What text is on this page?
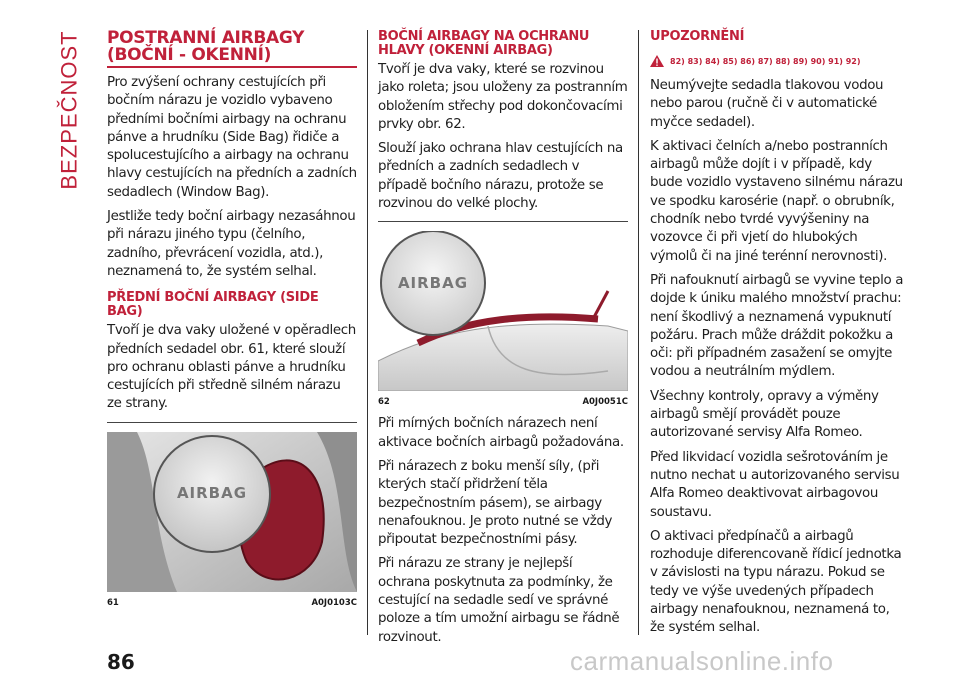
BEZPEČNOST POSTRANNÍ AIRBAGY (BOČNÍ - OKENNÍ)

Pro zvýšení ochrany cestujících při bočním nárazu je vozidlo vybaveno předními bočními airbagy na ochranu pánve a hrudníku (Side Bag) řidiče a spolucestujícího a airbagy na ochranu hlavy cestujících na předních a zadních sedadlech (Window Bag).

Jestliže tedy boční airbagy nezasáhnou při nárazu jiného typu (čelního, zadního, převrácení vozidla, atd.), neznamená to, že systém selhal.

PŘEDNÍ BOČNÍ AIRBAGY (SIDE BAG)

Tvoří je dva vaky uložené v opěradlech předních sedadel obr. 61, které slouží pro ochranu oblasti pánve a hrudníku cestujících při středně silném nárazu ze strany.

AIRBAG
61	A0J0103C
BOČNÍ AIRBAGY NA OCHRANU HLAVY (OKENNÍ AIRBAG)

Tvoří je dva vaky, které se rozvinou jako roleta; jsou uloženy za postranním obložením střechy pod dokončovacími prvky obr. 62.

Slouží jako ochrana hlav cestujících na předních a zadních sedadlech v případě bočního nárazu, protože se rozvinou do velké plochy.

AIRBAG
62	A0J0051C

Při mírných bočních nárazech není aktivace bočních airbagů požadována.

Při nárazech z boku menší síly, (při kterých stačí přidržení těla bezpečnostním pásem), se airbagy nenafouknou. Je proto nutné se vždy připoutat bezpečnostními pásy.

Při nárazu ze strany je nejlepší ochrana poskytnuta za podmínky, že cestující na sedadle sedí ve správné poloze a tím umožní airbagu se řádně rozvinout.

UPOZORNĚNÍ
82) 83) 84) 85) 86) 87) 88) 89) 90) 91) 92)

Neumývejte sedadla tlakovou vodou nebo parou (ručně či v automatické myčce sedadel).

K aktivaci čelních a/nebo postranních airbagů může dojít i v případě, kdy bude vozidlo vystaveno silnému nárazu ve spodku karosérie (např. o obrubník, chodník nebo tvrdé vyvýšeniny na vozovce či při vjetí do hlubokých výmolů či na jiné terénní nerovnosti).

Při nafouknutí airbagů se vyvine teplo a dojde k úniku malého množství prachu: není škodlivý a neznamená vypuknutí požáru. Prach může dráždit pokožku a oči: při případném zasažení se omyjte vodou a neutrálním mýdlem.

Všechny kontroly, opravy a výměny airbagů smějí provádět pouze autorizované servisy Alfa Romeo.

Před likvidací vozidla sešrotováním je nutno nechat u autorizovaného servisu Alfa Romeo deaktivovat airbagovou soustavu.

O aktivaci předpínačů a airbagů rozhoduje diferencovaně řídicí jednotka v závislosti na typu nárazu. Pokud se tedy ve výše uvedených případech airbagy nenafouknou, neznamená to, že systém selhal.

86	carmanualsonline.info
